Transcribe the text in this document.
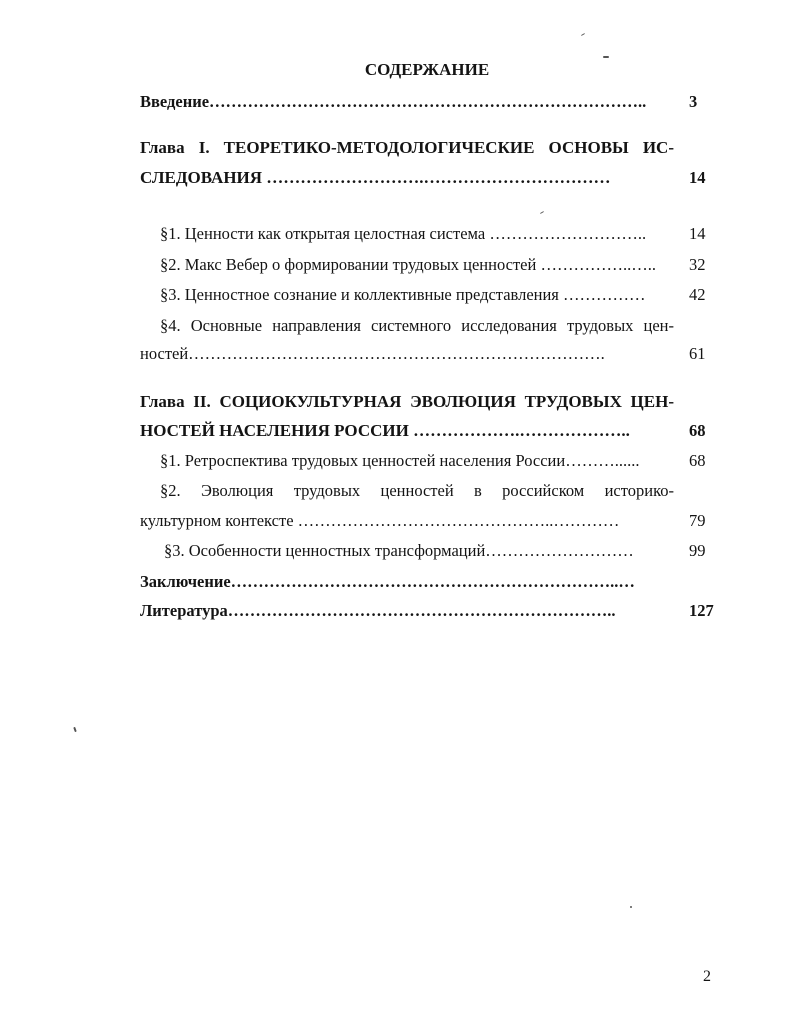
СОДЕРЖАНИЕ
Введение……………………………………………………………………..	3
Глава I. ТЕОРЕТИКО-МЕТОДОЛОГИЧЕСКИЕ ОСНОВЫ ИС-
СЛЕДОВАНИЯ ……………………….……………………………	14
§1. Ценности как открытая целостная система ………………………..	14
§2. Макс Вебер о формировании трудовых ценностей ……………..….. 32
§3. Ценностное сознание и коллективные представления ……………	42
§4. Основные направления системного исследования трудовых цен-
ностей………………………………………………………………….	61
Глава II. СОЦИОКУЛЬТУРНАЯ ЭВОЛЮЦИЯ ТРУДОВЫХ ЦЕН-
НОСТЕЙ НАСЕЛЕНИЯ РОССИИ ……………….………………..	68
§1. Ретроспектива трудовых ценностей населения России………......	68
§2. Эволюция трудовых ценностей в российском историко-
культурном контексте ………………………………………..…………	79
§3. Особенности ценностных трансформаций………………………	99
Заключение……………………………………………………………..…
Литература……………………………………………………………..	127
2
